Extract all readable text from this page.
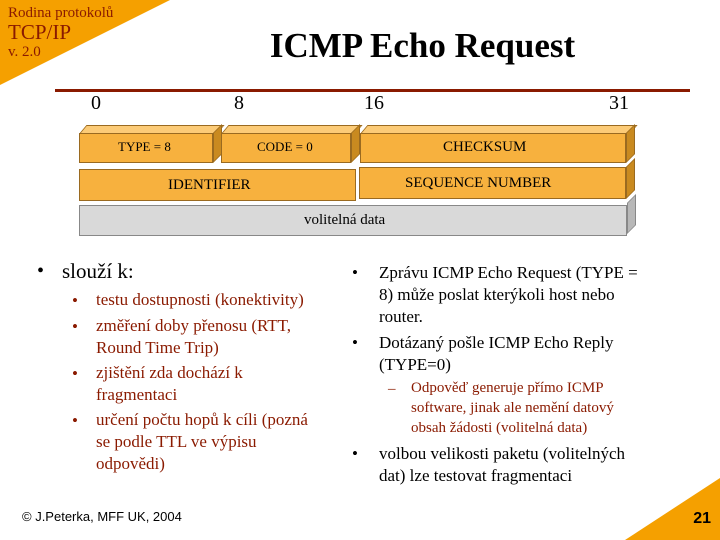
Rodina protokolů
TCP/IP
v. 2.0	ICMP Echo Request
0	8	16	31
TYPE = 8	CODE = 0	CHECKSUM
IDENTIFIER	SEQUENCE NUMBER
volitelná data
• slouží k:
• testu dostupnosti (konektivity)
• změření doby přenosu (RTT,
Round Time Trip)
• zjištění zda dochází k
fragmentaci
• určení počtu hopů k cíli (pozná
se podle TTL ve výpisu
odpovědi)
• Zprávu ICMP Echo Request (TYPE =
8) může poslat kterýkoli host nebo
router.
• Dotázaný pošle ICMP Echo Reply
(TYPE=0)
– Odpověď generuje přímo ICMP
software, jinak ale nemění datový
obsah žádosti (volitelná data)
• volbou velikosti paketu (volitelných
dat) lze testovat fragmentaci
© J.Peterka, MFF UK, 2004	21
